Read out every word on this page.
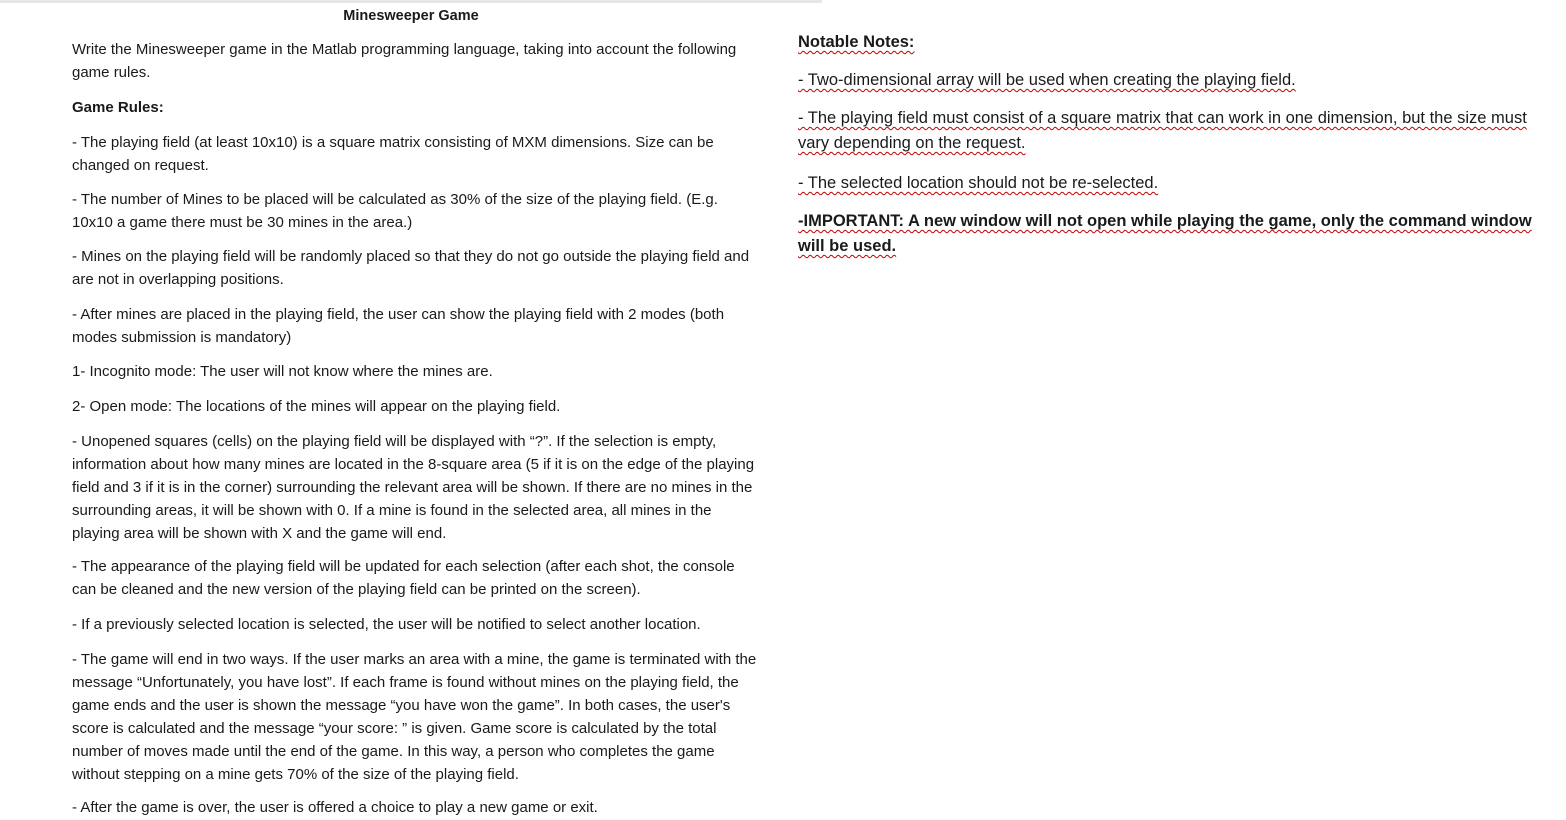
Minesweeper Game

Write the Minesweeper game in the Matlab programming language, taking into account the following game rules.

Game Rules:

- The playing field (at least 10x10) is a square matrix consisting of MXM dimensions. Size can be changed on request.

- The number of Mines to be placed will be calculated as 30% of the size of the playing field. (E.g. 10x10 a game there must be 30 mines in the area.)

- Mines on the playing field will be randomly placed so that they do not go outside the playing field and are not in overlapping positions.

- After mines are placed in the playing field, the user can show the playing field with 2 modes (both modes submission is mandatory)

1- Incognito mode: The user will not know where the mines are.

2- Open mode: The locations of the mines will appear on the playing field.

- Unopened squares (cells) on the playing field will be displayed with “?”. If the selection is empty, information about how many mines are located in the 8-square area (5 if it is on the edge of the playing field and 3 if it is in the corner) surrounding the relevant area will be shown. If there are no mines in the surrounding areas, it will be shown with 0. If a mine is found in the selected area, all mines in the playing area will be shown with X and the game will end.

- The appearance of the playing field will be updated for each selection (after each shot, the console can be cleaned and the new version of the playing field can be printed on the screen).

- If a previously selected location is selected, the user will be notified to select another location.

- The game will end in two ways. If the user marks an area with a mine, the game is terminated with the message “Unfortunately, you have lost”. If each frame is found without mines on the playing field, the game ends and the user is shown the message “you have won the game”. In both cases, the user's score is calculated and the message “your score: ” is given. Game score is calculated by the total number of moves made until the end of the game. In this way, a person who completes the game without stepping on a mine gets 70% of the size of the playing field.

- After the game is over, the user is offered a choice to play a new game or exit.

Notable Notes:

- Two-dimensional array will be used when creating the playing field.

- The playing field must consist of a square matrix that can work in one dimension, but the size must vary depending on the request.

- The selected location should not be re-selected.

-IMPORTANT: A new window will not open while playing the game, only the command window will be used.
